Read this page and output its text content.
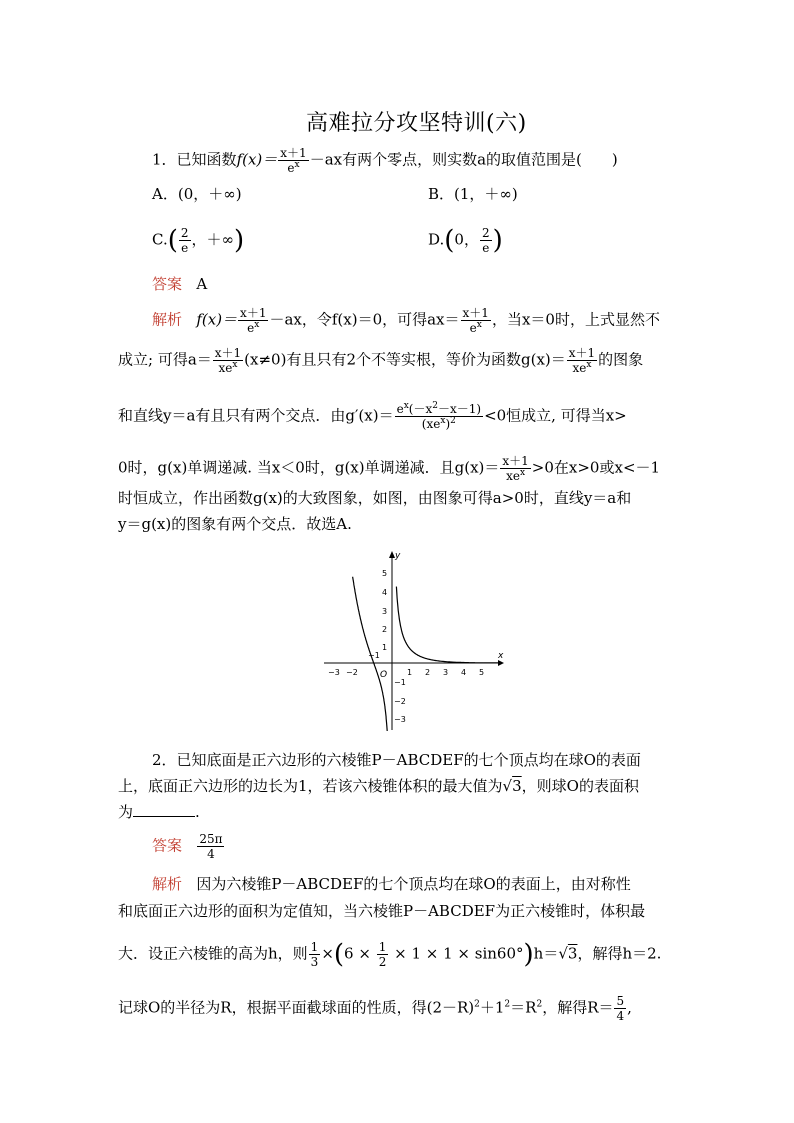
高难拉分攻坚特训(六)
1．已知函数$f(x)= \frac{x+1}{e^x} -ax$有两个零点，则实数a的取值范围是(　　)
A．(0，＋∞)	B．(1，＋∞)
$C.( \frac{2}{e}$ ，＋∞)	D.(0， $\frac{2}{e}$ )
答案 A
解析 $f(x)= \frac{x+1}{e^x} -ax$，令f(x)＝0，可得$ax= \frac{x+1}{e^x}$ ，当x＝0时，上式显然不
成立; 可得$a= \frac{x+1}{xe^x} (x\ne 0)$有且只有2个不等实根，等价为函数$g(x)= \frac{x+1}{xe^x}$ 的图象
和直线y＝a有且只有两个交点．由$g'(x)= \frac{e^x(-x^2-x-1)}{(xe^x)^2} <0$恒成立, 可得当x>
0时，g(x)单调递减. 当x＜0时，g(x)单调递减．且$g(x)= \frac{x+1}{xe^x} >0$在x>0或x<－1
时恒成立，作出函数g(x)的大致图象，如图，由图象可得a>0时，直线y＝a和
y＝g(x)的图象有两个交点．故选A.
x
y
O
−3 −2
−1
1 2 3 4 5
5
4
3
2
1
−1
−2
−3
2．已知底面是正六边形的六棱锥P－ABCDEF的七个顶点均在球O的表面
上，底面正六边形的边长为1，若该六棱锥体积的最大值为√3，则球O的表面积
为	.
答案 $\frac{25\pi}{4}$
解析 因为六棱锥P－ABCDEF的七个顶点均在球O的表面上，由对称性
和底面正六边形的面积为定值知，当六棱锥P－ABCDEF为正六棱锥时，体积最
大．设正六棱锥的高为h，则 $\frac{1}{3} \times(6 \times \frac{1}{2} \times 1 \times 1 \times \sin 60^\circ)h=√3$，解得h＝2.
记球O的半径为R，根据平面截球面的性质，得$(2-R)^2+1^2=R^2$，解得$R= \frac{5}{4}$ ,
